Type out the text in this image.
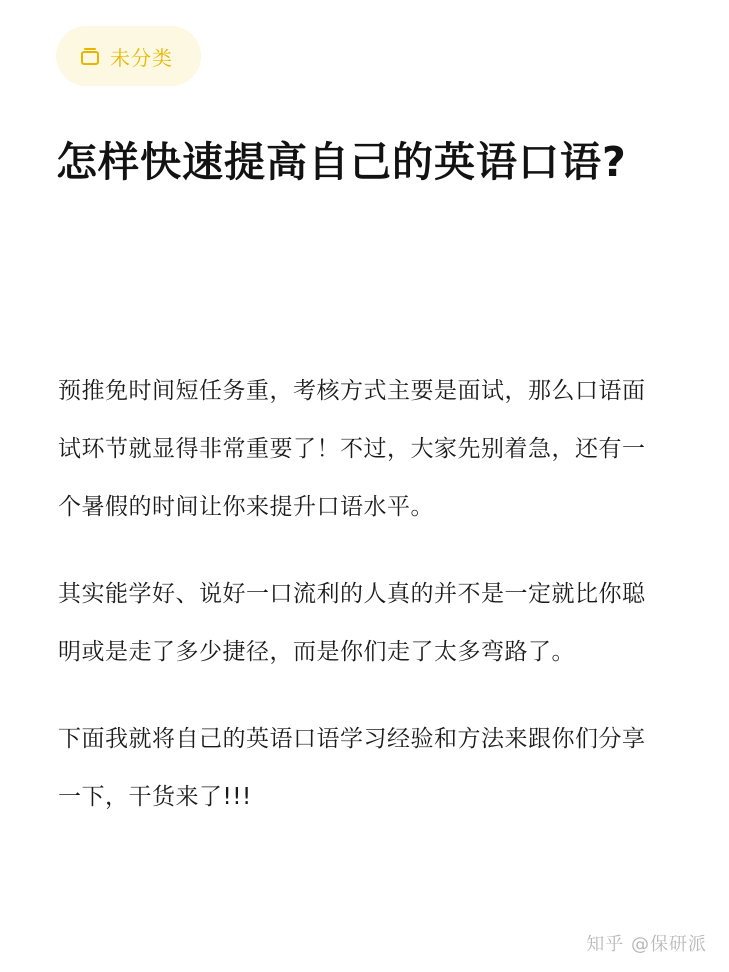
未分类
怎样快速提高自己的英语口语?

预推免时间短任务重，考核方式主要是面试，那么口语面试环节就显得非常重要了！不过，大家先别着急，还有一个暑假的时间让你来提升口语水平。

其实能学好、说好一口流利的人真的并不是一定就比你聪明或是走了多少捷径，而是你们走了太多弯路了。

下面我就将自己的英语口语学习经验和方法来跟你们分享一下，干货来了!!!

知乎 @保研派
